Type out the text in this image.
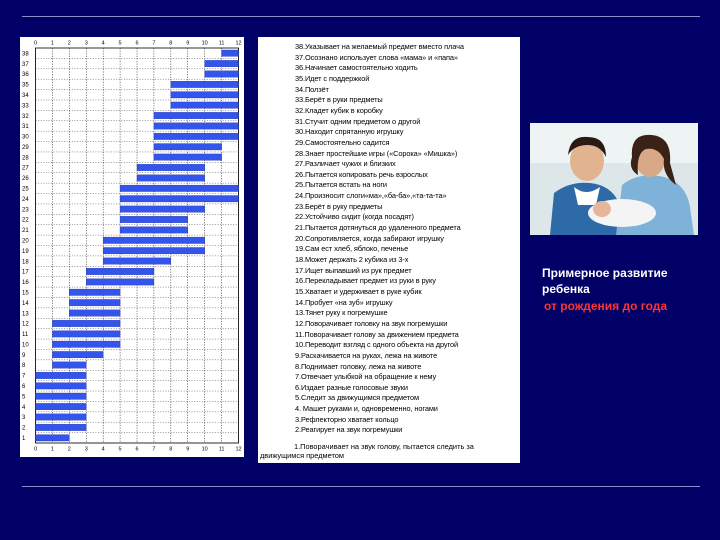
0
0
1
1
2
2
3
3
4
4
5
5
6
6
7
7
8
8
9
9
10
10
11
11
12
12
1
2
3
4
5
6
7
8
9
10
11
12
13
14
15
16
17
18
19
20
21
22
23
24
25
26
27
28
29
30
31
32
33
34
35
36
37
38
38.Указывает на желаемый предмет вместо плача
37.Осознано использует слова «мама» и «папа»
36.Начинает самостоятельно ходить
35.Идет с поддержкой
34.Ползёт
33.Берёт в руки предметы
32.Кладет кубик в коробку
31.Стучит одним предметом о другой
30.Находит спрятанную игрушку
29.Самостоятельно садится
28.Знает простейшие игры («Сорока» «Мишка»)
27.Различает чужих и близких
26.Пытается копировать речь взрослых
25.Пытается встать на ноги
24.Произносит слоги«ма»,«ба-ба»,«та-та-та»
23.Берёт в руку предметы
22.Устойчиво сидит (когда посадят)
21.Пытается дотянуться до удаленного предмета
20.Сопротивляется, когда забирают игрушку
19.Сам ест хлеб, яблоко, печенье
18.Может держать 2 кубика из 3-х
17.Ищет выпавший из рук предмет
16.Перекладывает предмет из руки в руку
15.Хватает и удерживает в руке кубик
14.Пробует «на зуб» игрушку
13.Тянет руку к погремушке
12.Поворачивает головку на звук погремушки
11.Поворачивает голову за движением предмета
10.Переводит взгляд с одного объекта на другой
9.Раскачивается на руках, лежа на животе
8.Поднимает головку, лежа на животе
7.Отвечает улыбкой на обращение к нему
6.Издает разные голосовые звуки
5.Следит за движущимся предметом
4. Машет руками и, одновременно, ногами
3.Рефлекторно хватает кольцо
2.Реагирует на звук погремушки
1.Поворачивает на звук голову, пытается следить за
движущимся предметом
Примерное развитие
ребенка
от рождения до года
